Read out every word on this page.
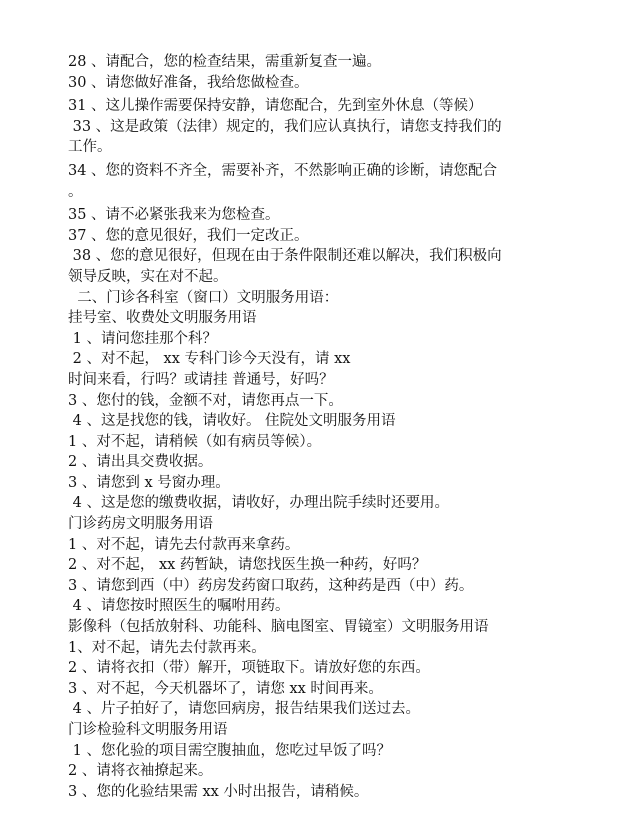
28 、请配合，您的检查结果，需重新复查一遍。

30 、请您做好准备，我给您做检查。

31 、这儿操作需要保持安静，请您配合，先到室外休息（等候）

33 、这是政策（法律）规定的，我们应认真执行，请您支持我们的

工作。

34 、您的资料不齐全，需要补齐，不然影响正确的诊断，请您配合

。

35 、请不必紧张我来为您检查。

37 、您的意见很好，我们一定改正。

38 、您的意见很好，但现在由于条件限制还难以解决，我们积极向

领导反映，实在对不起。

二、门诊各科室（窗口）文明服务用语：

挂号室、收费处文明服务用语

1 、请问您挂那个科？

2 、对不起， xx 专科门诊今天没有，请 xx

时间来看，行吗？或请挂 普通号，好吗？

3 、您付的钱，金额不对，请您再点一下。

4 、这是找您的钱，请收好。 住院处文明服务用语

1 、对不起，请稍候（如有病员等候）。

2 、请出具交费收据。

3 、请您到 x 号窗办理。

4 、这是您的缴费收据，请收好，办理出院手续时还要用。

门诊药房文明服务用语

1 、对不起，请先去付款再来拿药。

2 、对不起， xx 药暂缺，请您找医生换一种药，好吗？

3 、请您到西（中）药房发药窗口取药，这种药是西（中）药。

4 、请您按时照医生的嘱咐用药。

影像科（包括放射科、功能科、脑电图室、胃镜室）文明服务用语

1、对不起，请先去付款再来。

2 、请将衣扣（带）解开，项链取下。请放好您的东西。

3 、对不起，今天机器坏了，请您 xx 时间再来。

4 、片子拍好了，请您回病房，报告结果我们送过去。

门诊检验科文明服务用语

1 、您化验的项目需空腹抽血，您吃过早饭了吗？

2 、请将衣袖撩起来。

3 、您的化验结果需 xx 小时出报告，请稍候。
